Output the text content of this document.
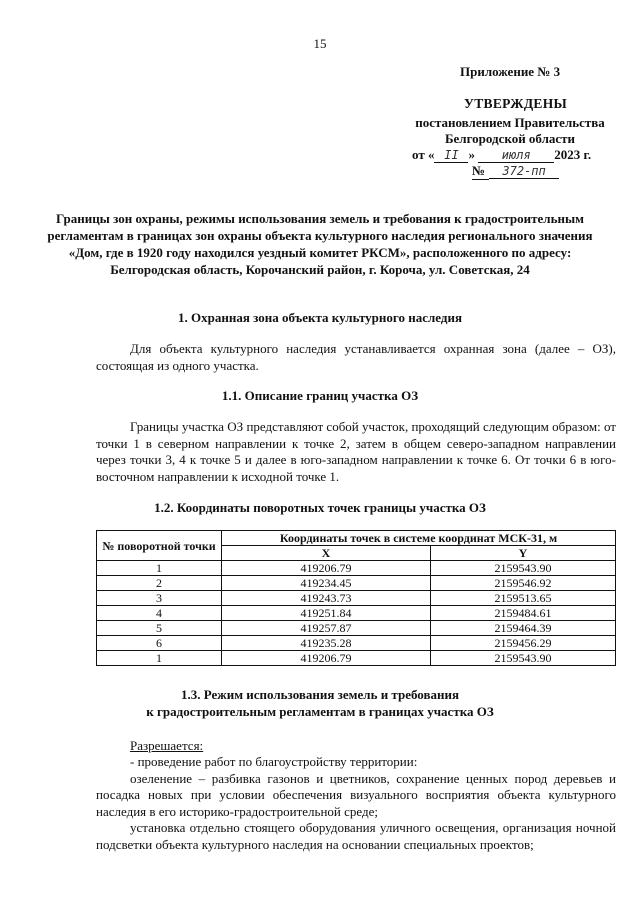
15
Приложение № 3
УТВЕРЖДЕНЫ
постановлением Правительства
Белгородской области
от « II » июля 2023 г.
№ 372-пп
Границы зон охраны, режимы использования земель и требования к градостроительным регламентам в границах зон охраны объекта культурного наследия регионального значения «Дом, где в 1920 году находился уездный комитет РКСМ», расположенного по адресу: Белгородская область, Корочанский район, г. Короча, ул. Советская, 24
1. Охранная зона объекта культурного наследия
Для объекта культурного наследия устанавливается охранная зона (далее – ОЗ), состоящая из одного участка.
1.1. Описание границ участка ОЗ
Границы участка ОЗ представляют собой участок, проходящий следующим образом: от точки 1 в северном направлении к точке 2, затем в общем северо-западном направлении через точки 3, 4 к точке 5 и далее в юго-западном направлении к точке 6. От точки 6 в юго-восточном направлении к исходной точке 1.
1.2. Координаты поворотных точек границы участка ОЗ
№ поворотной точки	Координаты точек в системе координат МСК-31, м	
	X	Y
1	419206.79	2159543.90
2	419234.45	2159546.92
3	419243.73	2159513.65
4	419251.84	2159484.61
5	419257.87	2159464.39
6	419235.28	2159456.29
1	419206.79	2159543.90
1.3. Режим использования земель и требования
к градостроительным регламентам в границах участка ОЗ
Разрешается:
- проведение работ по благоустройству территории:
озеленение – разбивка газонов и цветников, сохранение ценных пород деревьев и посадка новых при условии обеспечения визуального восприятия объекта культурного наследия в его историко-градостроительной среде;
установка отдельно стоящего оборудования уличного освещения, организация ночной подсветки объекта культурного наследия на основании специальных проектов;
